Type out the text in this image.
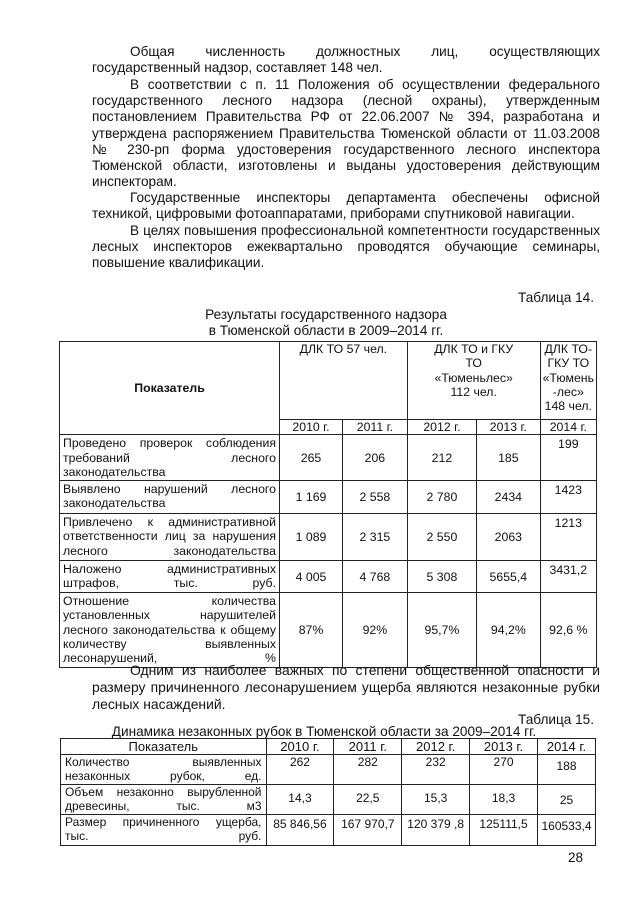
Общая численность должностных лиц, осуществляющих государственный надзор, составляет 148 чел.

В соответствии с п. 11 Положения об осуществлении федерального государственного лесного надзора (лесной охраны), утвержденным постановлением Правительства РФ от 22.06.2007 № 394, разработана и утверждена распоряжением Правительства Тюменской области от 11.03.2008 № 230-рп форма удостоверения государственного лесного инспектора Тюменской области, изготовлены и выданы удостоверения действующим инспекторам.

Государственные инспекторы департамента обеспечены офисной техникой, цифровыми фотоаппаратами, приборами спутниковой навигации.

В целях повышения профессиональной компетентности государственных лесных инспекторов ежеквартально проводятся обучающие семинары, повышение квалификации.

Таблица 14.
Результаты государственного надзора
в Тюменской области в 2009–2014 гг.
Показатель	ДЛК ТО 57 чел.		ДЛК ТО и ГКУ ТО «Тюменьлес» 112 чел.		ДЛК ТО-ГКУ ТО «Тюмень -лес» 148 чел.
	2010 г.	2011 г.	2012 г.	2013 г.	2014 г.
Проведено проверок соблюдения требований лесного законодательства	265	206	212	185	199
Выявлено нарушений лесного законодательства	1 169	2 558	2 780	2434	1423
Привлечено к административной ответственности лиц за нарушения лесного законодательства	1 089	2 315	2 550	2063	1213
Наложено административных штрафов, тыс. руб.	4 005	4 768	5 308	5655,4	3431,2
Отношение количества установленных нарушителей лесного законодательства к общему количеству выявленных лесонарушений, %	87%	92%	95,7%	94,2%	92,6 %

Одним из наиболее важных по степени общественной опасности и размеру причиненного лесонарушением ущерба являются незаконные рубки лесных насаждений.

Таблица 15.
Динамика незаконных рубок в Тюменской области за 2009–2014 гг.
Показатель	2010 г.	2011 г.	2012 г.	2013 г.	2014 г.
Количество выявленных незаконных рубок, ед.	262	282	232	270	188
Объем незаконно вырубленной древесины, тыс. м3	14,3	22,5	15,3	18,3	25
Размер причиненного ущерба, тыс. руб.	85 846,56	167 970,7	120 379 ,8	125111,5	160533,4
28
